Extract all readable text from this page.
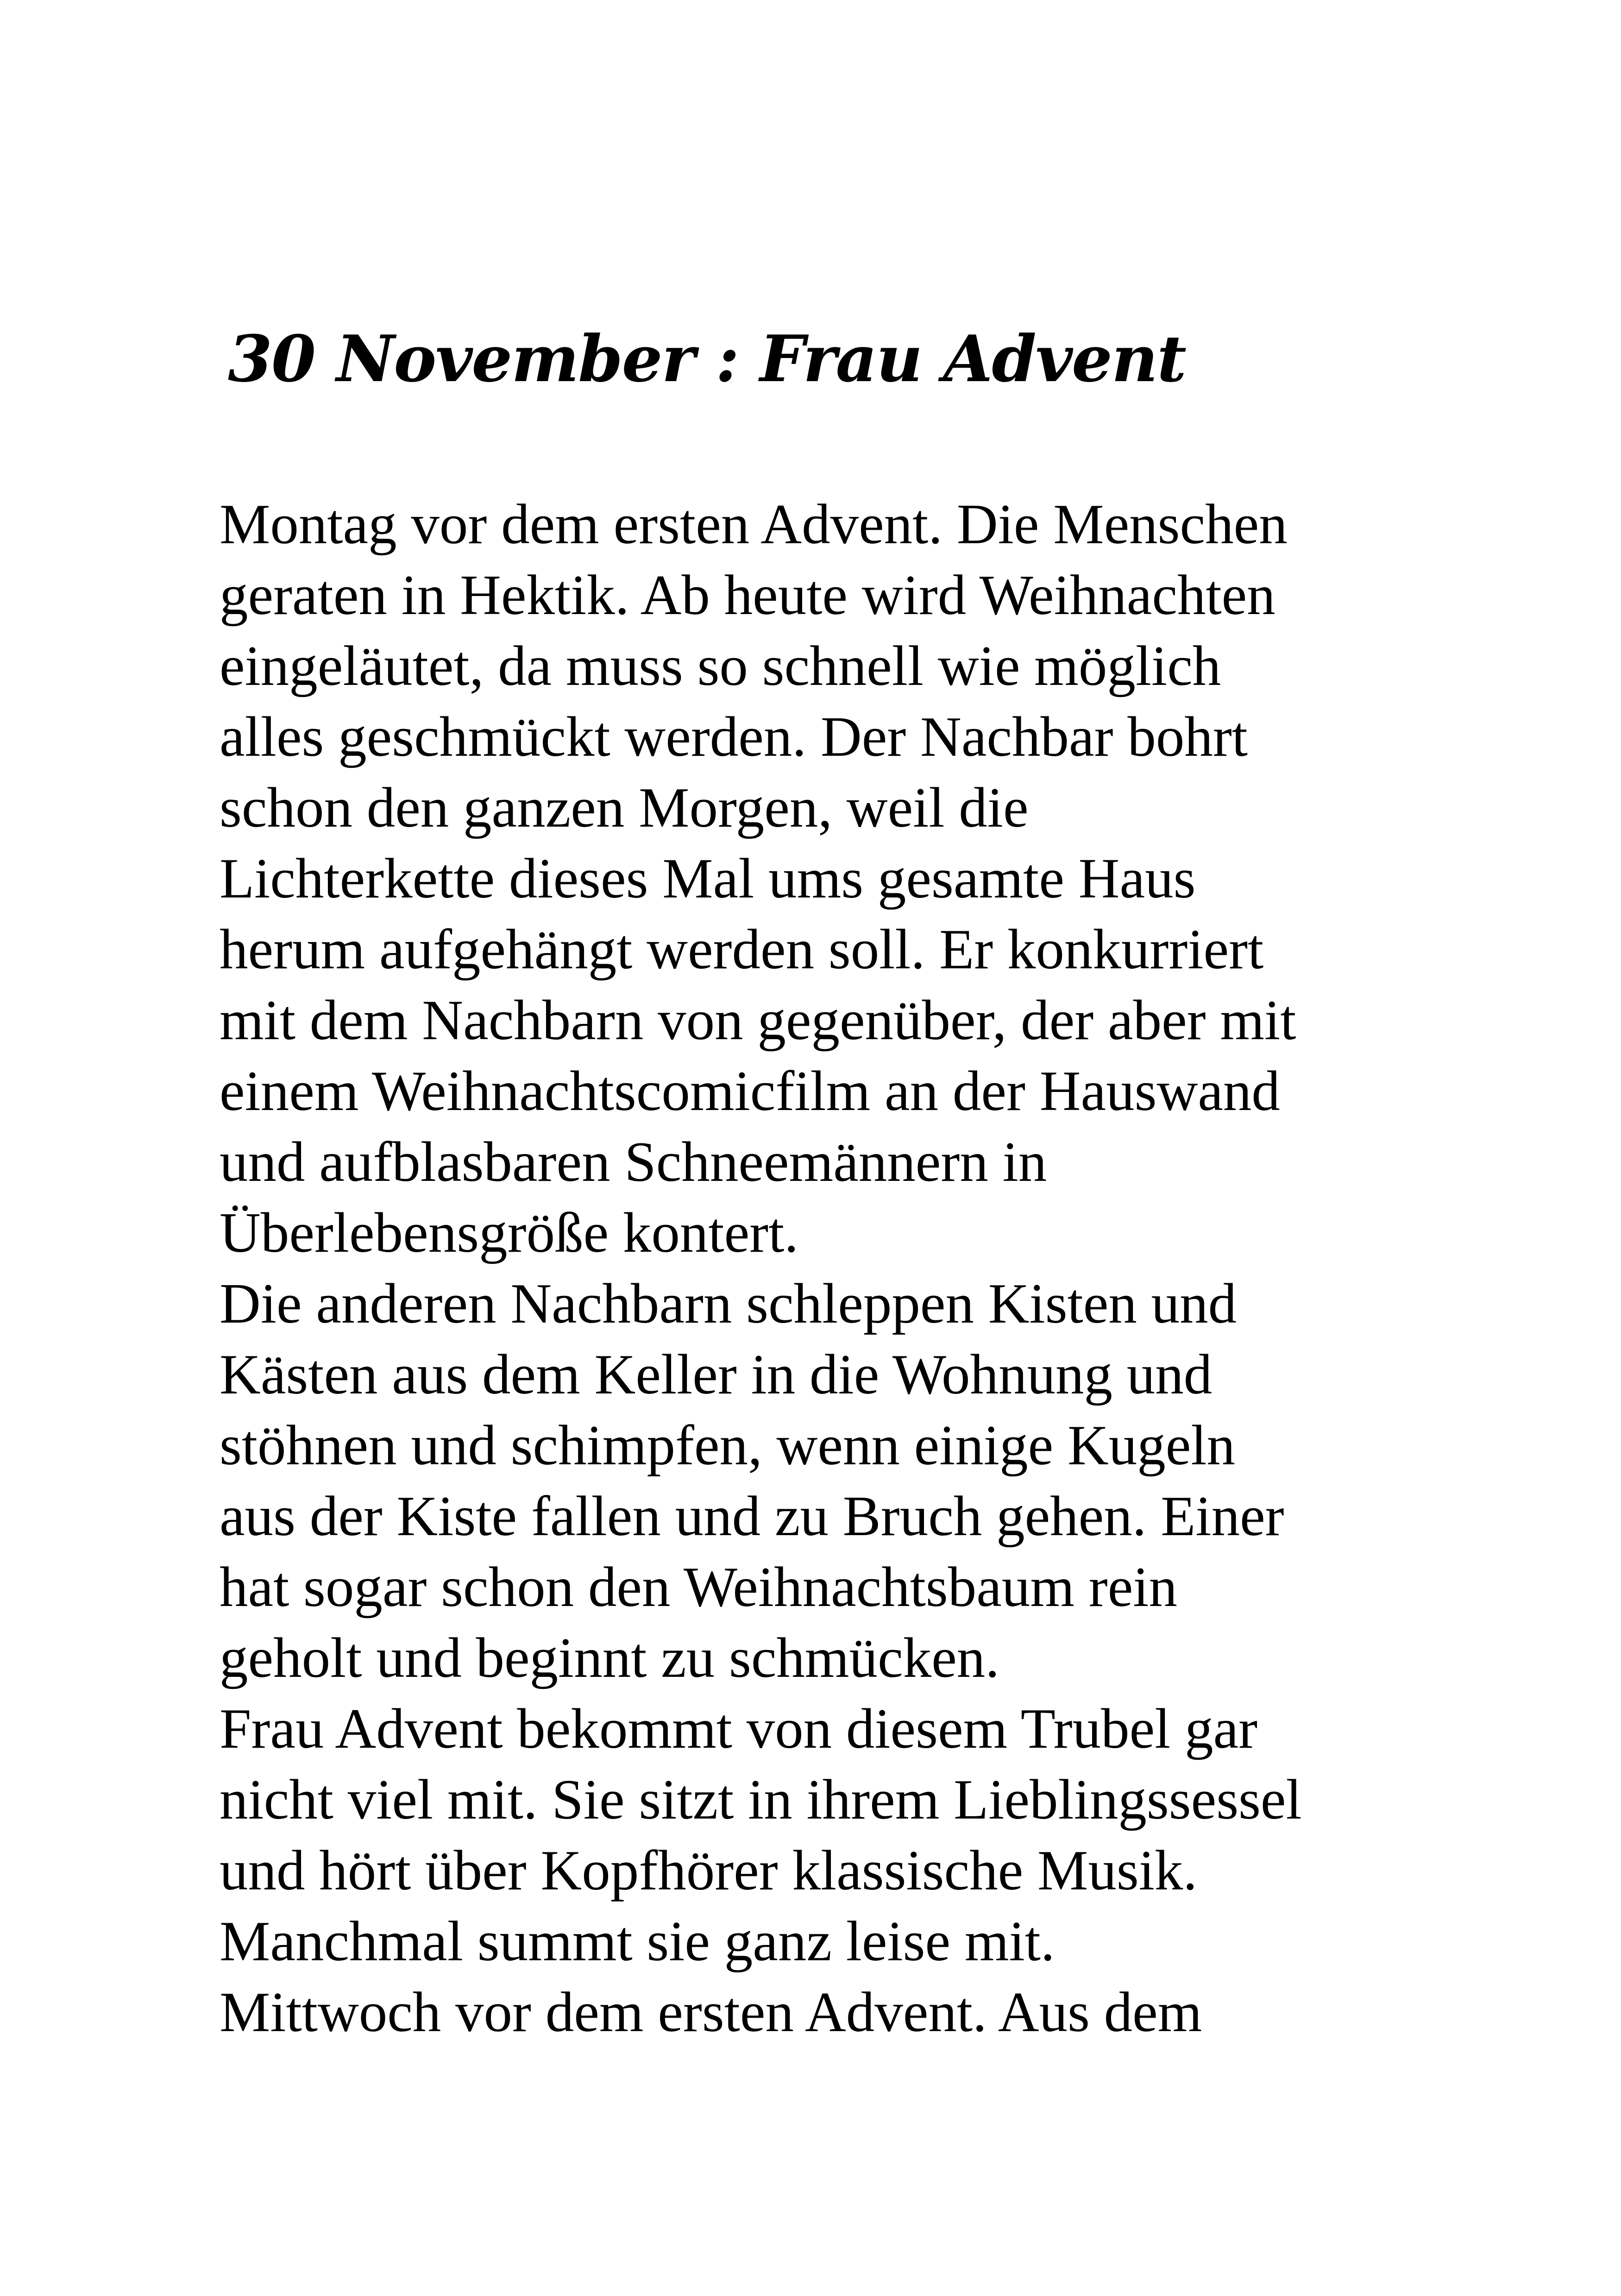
30 November : Frau Advent
Montag vor dem ersten Advent. Die Menschen
geraten in Hektik. Ab heute wird Weihnachten
eingeläutet, da muss so schnell wie möglich
alles geschmückt werden. Der Nachbar bohrt
schon den ganzen Morgen, weil die
Lichterkette dieses Mal ums gesamte Haus
herum aufgehängt werden soll. Er konkurriert
mit dem Nachbarn von gegenüber, der aber mit
einem Weihnachtscomicfilm an der Hauswand
und aufblasbaren Schneemännern in
Überlebensgröße kontert.
Die anderen Nachbarn schleppen Kisten und
Kästen aus dem Keller in die Wohnung und
stöhnen und schimpfen, wenn einige Kugeln
aus der Kiste fallen und zu Bruch gehen. Einer
hat sogar schon den Weihnachtsbaum rein
geholt und beginnt zu schmücken.
Frau Advent bekommt von diesem Trubel gar
nicht viel mit. Sie sitzt in ihrem Lieblingssessel
und hört über Kopfhörer klassische Musik.
Manchmal summt sie ganz leise mit.
Mittwoch vor dem ersten Advent. Aus dem
